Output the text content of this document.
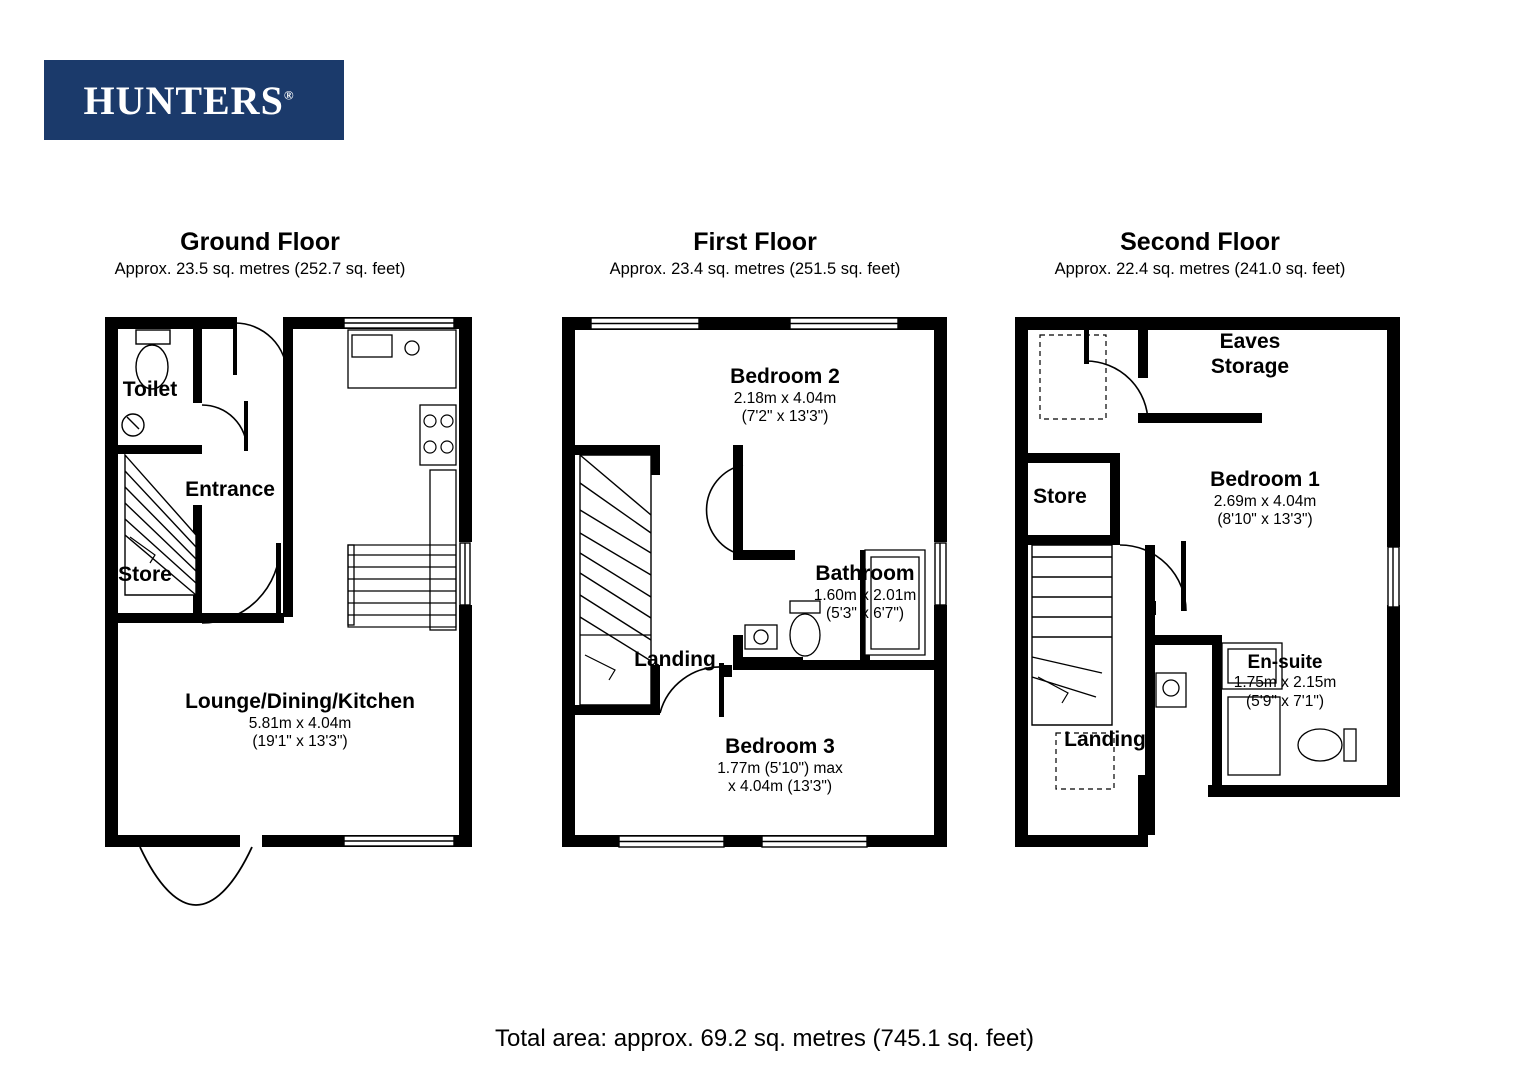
HUNTERS®
Ground Floor
Approx. 23.5 sq. metres (252.7 sq. feet)
Toilet
Entrance
Store
Lounge/Dining/Kitchen
5.81m x 4.04m
(19'1" x 13'3")
First Floor
Approx. 23.4 sq. metres (251.5 sq. feet)
Bedroom 2
2.18m x 4.04m
(7'2" x 13'3")
Bathroom
1.60m x 2.01m
(5'3" x 6'7")
Landing
Bedroom 3
1.77m (5'10") max
x 4.04m (13'3")
Second Floor
Approx. 22.4 sq. metres (241.0 sq. feet)
Eaves
Storage
Store
Bedroom 1
2.69m x 4.04m
(8'10" x 13'3")
En-suite
1.75m x 2.15m
(5'9" x 7'1")
Landing
Total area: approx. 69.2 sq. metres (745.1 sq. feet)
